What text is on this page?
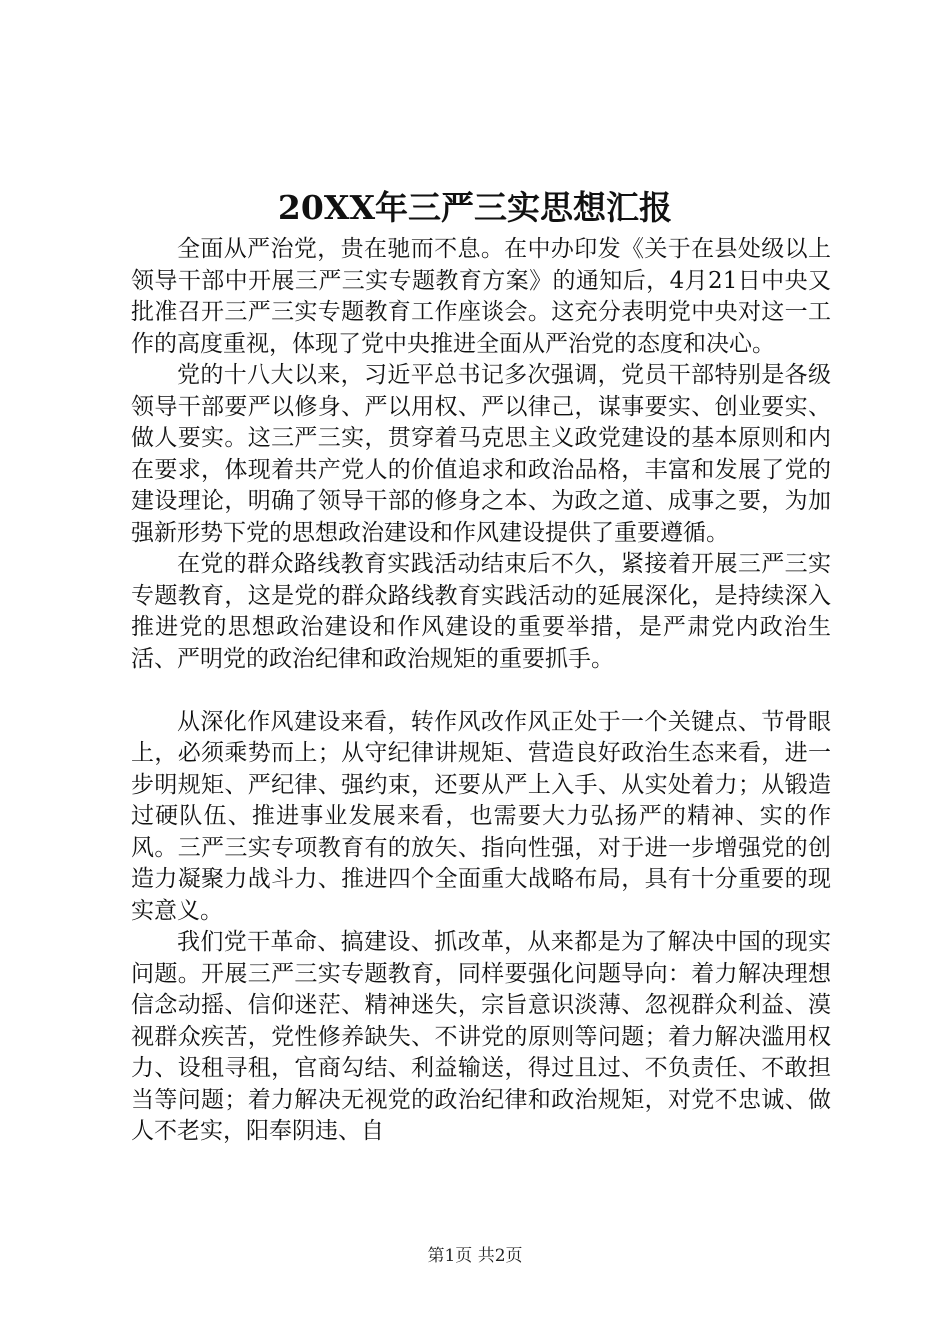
20XX年三严三实思想汇报

全面从严治党，贵在驰而不息。在中办印发《关于在县处级以上领导干部中开展三严三实专题教育方案》的通知后，4月21日中央又批准召开三严三实专题教育工作座谈会。这充分表明党中央对这一工作的高度重视，体现了党中央推进全面从严治党的态度和决心。

党的十八大以来，习近平总书记多次强调，党员干部特别是各级领导干部要严以修身、严以用权、严以律己，谋事要实、创业要实、做人要实。这三严三实，贯穿着马克思主义政党建设的基本原则和内在要求，体现着共产党人的价值追求和政治品格，丰富和发展了党的建设理论，明确了领导干部的修身之本、为政之道、成事之要，为加强新形势下党的思想政治建设和作风建设提供了重要遵循。

在党的群众路线教育实践活动结束后不久，紧接着开展三严三实专题教育，这是党的群众路线教育实践活动的延展深化，是持续深入推进党的思想政治建设和作风建设的重要举措，是严肃党内政治生活、严明党的政治纪律和政治规矩的重要抓手。

从深化作风建设来看，转作风改作风正处于一个关键点、节骨眼上，必须乘势而上；从守纪律讲规矩、营造良好政治生态来看，进一步明规矩、严纪律、强约束，还要从严上入手、从实处着力；从锻造过硬队伍、推进事业发展来看，也需要大力弘扬严的精神、实的作风。三严三实专项教育有的放矢、指向性强，对于进一步增强党的创造力凝聚力战斗力、推进四个全面重大战略布局，具有十分重要的现实意义。

我们党干革命、搞建设、抓改革，从来都是为了解决中国的现实问题。开展三严三实专题教育，同样要强化问题导向：着力解决理想信念动摇、信仰迷茫、精神迷失，宗旨意识淡薄、忽视群众利益、漠视群众疾苦，党性修养缺失、不讲党的原则等问题；着力解决滥用权力、设租寻租，官商勾结、利益输送，得过且过、不负责任、不敢担当等问题；着力解决无视党的政治纪律和政治规矩，对党不忠诚、做人不老实，阳奉阴违、自

第1页 共2页
